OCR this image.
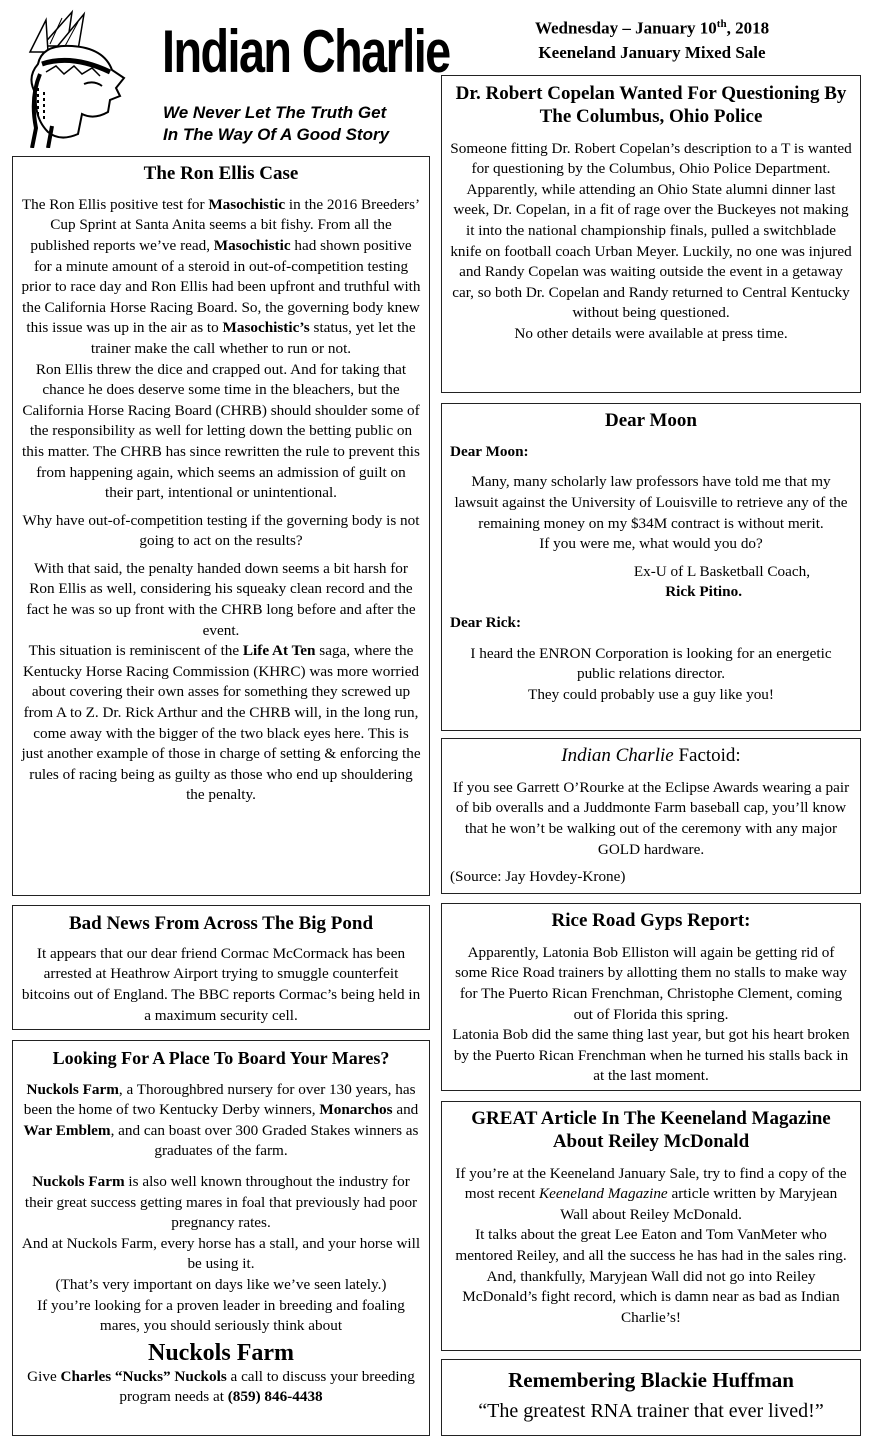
Indian Charlie
We Never Let The Truth Get
In The Way Of A Good Story
Wednesday – January 10th, 2018
Keeneland January Mixed Sale
The Ron Ellis Case

The Ron Ellis positive test for Masochistic in the 2016 Breeders’ Cup Sprint at Santa Anita seems a bit fishy. From all the published reports we’ve read, Masochistic had shown positive for a minute amount of a steroid in out-of-competition testing prior to race day and Ron Ellis had been upfront and truthful with the California Horse Racing Board. So, the governing body knew this issue was up in the air as to Masochistic’s status, yet let the trainer make the call whether to run or not.

Ron Ellis threw the dice and crapped out. And for taking that chance he does deserve some time in the bleachers, but the California Horse Racing Board (CHRB) should shoulder some of the responsibility as well for letting down the betting public on this matter. The CHRB has since rewritten the rule to prevent this from happening again, which seems an admission of guilt on their part, intentional or unintentional.

Why have out-of-competition testing if the governing body is not going to act on the results?

With that said, the penalty handed down seems a bit harsh for Ron Ellis as well, considering his squeaky clean record and the fact he was so up front with the CHRB long before and after the event.

This situation is reminiscent of the Life At Ten saga, where the Kentucky Horse Racing Commission (KHRC) was more worried about covering their own asses for something they screwed up from A to Z. Dr. Rick Arthur and the CHRB will, in the long run, come away with the bigger of the two black eyes here. This is just another example of those in charge of setting & enforcing the rules of racing being as guilty as those who end up shouldering the penalty.

Bad News From Across The Big Pond

It appears that our dear friend Cormac McCormack has been arrested at Heathrow Airport trying to smuggle counterfeit bitcoins out of England. The BBC reports Cormac’s being held in a maximum security cell.

Looking For A Place To Board Your Mares?

Nuckols Farm, a Thoroughbred nursery for over 130 years, has been the home of two Kentucky Derby winners, Monarchos and War Emblem, and can boast over 300 Graded Stakes winners as graduates of the farm.

Nuckols Farm is also well known throughout the industry for their great success getting mares in foal that previously had poor pregnancy rates.

And at Nuckols Farm, every horse has a stall, and your horse will be using it.

(That’s very important on days like we’ve seen lately.)

If you’re looking for a proven leader in breeding and foaling mares, you should seriously think about

Nuckols Farm

Give Charles “Nucks” Nuckols a call to discuss your breeding program needs at (859) 846-4438

Dr. Robert Copelan Wanted For Questioning By The Columbus, Ohio Police

Someone fitting Dr. Robert Copelan’s description to a T is wanted for questioning by the Columbus, Ohio Police Department.

Apparently, while attending an Ohio State alumni dinner last week, Dr. Copelan, in a fit of rage over the Buckeyes not making it into the national championship finals, pulled a switchblade knife on football coach Urban Meyer. Luckily, no one was injured and Randy Copelan was waiting outside the event in a getaway car, so both Dr. Copelan and Randy returned to Central Kentucky without being questioned.

No other details were available at press time.

Dear Moon

Dear Moon:

Many, many scholarly law professors have told me that my lawsuit against the University of Louisville to retrieve any of the remaining money on my $34M contract is without merit.

If you were me, what would you do?

Ex-U of L Basketball Coach,

Rick Pitino.

Dear Rick:

I heard the ENRON Corporation is looking for an energetic public relations director.

They could probably use a guy like you!

Indian Charlie Factoid:

If you see Garrett O’Rourke at the Eclipse Awards wearing a pair of bib overalls and a Juddmonte Farm baseball cap, you’ll know that he won’t be walking out of the ceremony with any major GOLD hardware.

(Source: Jay Hovdey-Krone)

Rice Road Gyps Report:

Apparently, Latonia Bob Elliston will again be getting rid of some Rice Road trainers by allotting them no stalls to make way for The Puerto Rican Frenchman, Christophe Clement, coming out of Florida this spring.

Latonia Bob did the same thing last year, but got his heart broken by the Puerto Rican Frenchman when he turned his stalls back in at the last moment.

GREAT Article In The Keeneland Magazine About Reiley McDonald

If you’re at the Keeneland January Sale, try to find a copy of the most recent Keeneland Magazine article written by Maryjean Wall about Reiley McDonald.

It talks about the great Lee Eaton and Tom VanMeter who mentored Reiley, and all the success he has had in the sales ring.

And, thankfully, Maryjean Wall did not go into Reiley McDonald’s fight record, which is damn near as bad as Indian Charlie’s!

Remembering Blackie Huffman
“The greatest RNA trainer that ever lived!”
